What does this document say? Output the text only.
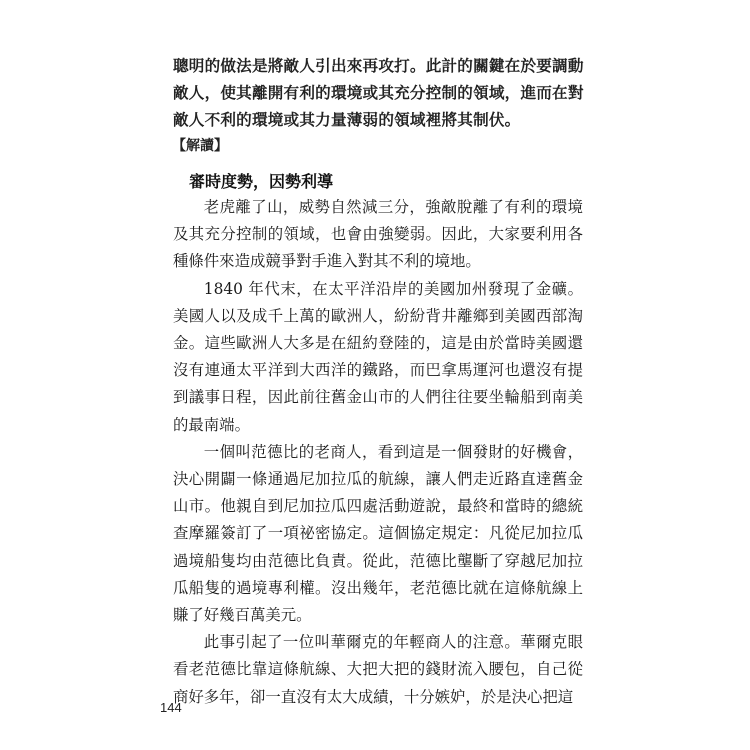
聰明的做法是將敵人引出來再攻打。此計的關鍵在於要調動敵人，使其離開有利的環境或其充分控制的領域，進而在對敵人不利的環境或其力量薄弱的領域裡將其制伏。

【解讀】
審時度勢，因勢利導

老虎離了山，威勢自然減三分，強敵脫離了有利的環境及其充分控制的領域，也會由強變弱。因此，大家要利用各種條件來造成競爭對手進入對其不利的境地。

1840 年代末，在太平洋沿岸的美國加州發現了金礦。美國人以及成千上萬的歐洲人，紛紛背井離鄉到美國西部淘金。這些歐洲人大多是在紐約登陸的，這是由於當時美國還沒有連通太平洋到大西洋的鐵路，而巴拿馬運河也還沒有提到議事日程，因此前往舊金山市的人們往往要坐輪船到南美的最南端。

一個叫范德比的老商人，看到這是一個發財的好機會，決心開闢一條通過尼加拉瓜的航線，讓人們走近路直達舊金山市。他親自到尼加拉瓜四處活動遊說，最終和當時的總統查摩羅簽訂了一項祕密協定。這個協定規定：凡從尼加拉瓜過境船隻均由范德比負責。從此，范德比壟斷了穿越尼加拉瓜船隻的過境專利權。沒出幾年，老范德比就在這條航線上賺了好幾百萬美元。

此事引起了一位叫華爾克的年輕商人的注意。華爾克眼看老范德比靠這條航線、大把大把的錢財流入腰包，自己從商好多年，卻一直沒有太大成績，十分嫉妒，於是決心把這

144
